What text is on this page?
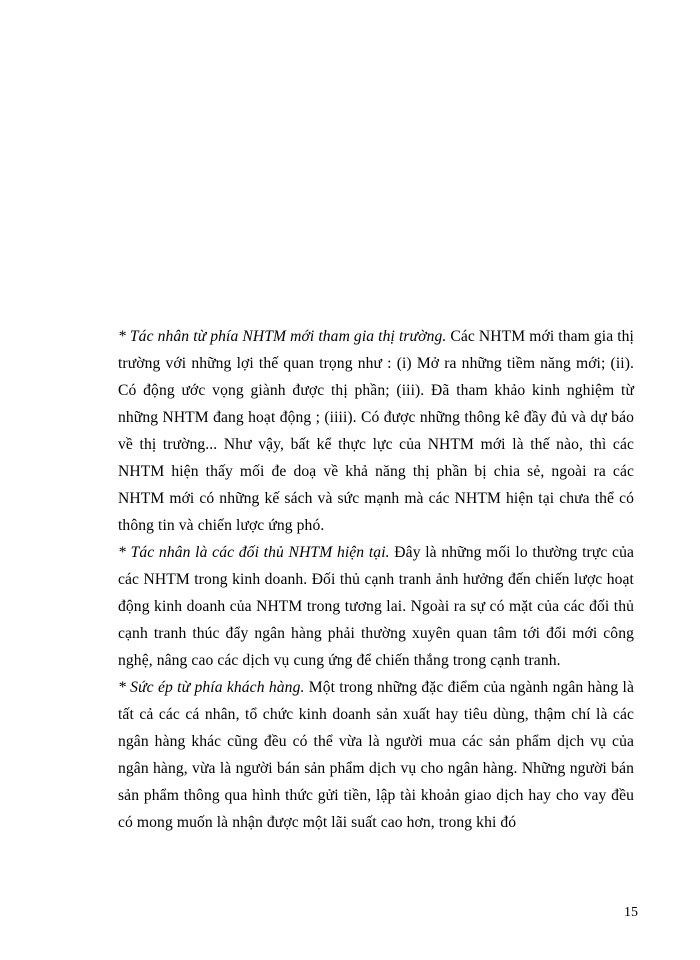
* Tác nhân từ phía NHTM mới tham gia thị trường. Các NHTM mới tham gia thị trường với những lợi thế quan trọng như : (i) Mở ra những tiềm năng mới; (ii). Có động ước vọng giành được thị phần; (iii). Đã tham khảo kinh nghiệm từ những NHTM đang hoạt động ; (iiii). Có được những thông kê đầy đủ và dự báo về thị trường... Như vậy, bất kể thực lực của NHTM mới là thế nào, thì các NHTM hiện thấy mối đe doạ về khả năng thị phần bị chia sẻ, ngoài ra các NHTM mới có những kế sách và sức mạnh mà các NHTM hiện tại chưa thể có thông tin và chiến lược ứng phó.

* Tác nhân là các đối thủ NHTM hiện tại. Đây là những mối lo thường trực của các NHTM trong kinh doanh. Đối thủ cạnh tranh ảnh hưởng đến chiến lược hoạt động kinh doanh của NHTM trong tương lai. Ngoài ra sự có mặt của các đối thủ cạnh tranh thúc đẩy ngân hàng phải thường xuyên quan tâm tới đổi mới công nghệ, nâng cao các dịch vụ cung ứng để chiến thắng trong cạnh tranh.

* Sức ép từ phía khách hàng. Một trong những đặc điểm của ngành ngân hàng là tất cả các cá nhân, tổ chức kinh doanh sản xuất hay tiêu dùng, thậm chí là các ngân hàng khác cũng đều có thể vừa là người mua các sản phẩm dịch vụ của ngân hàng, vừa là người bán sản phẩm dịch vụ cho ngân hàng. Những người bán sản phẩm thông qua hình thức gửi tiền, lập tài khoản giao dịch hay cho vay đều có mong muốn là nhận được một lãi suất cao hơn, trong khi đó

15
